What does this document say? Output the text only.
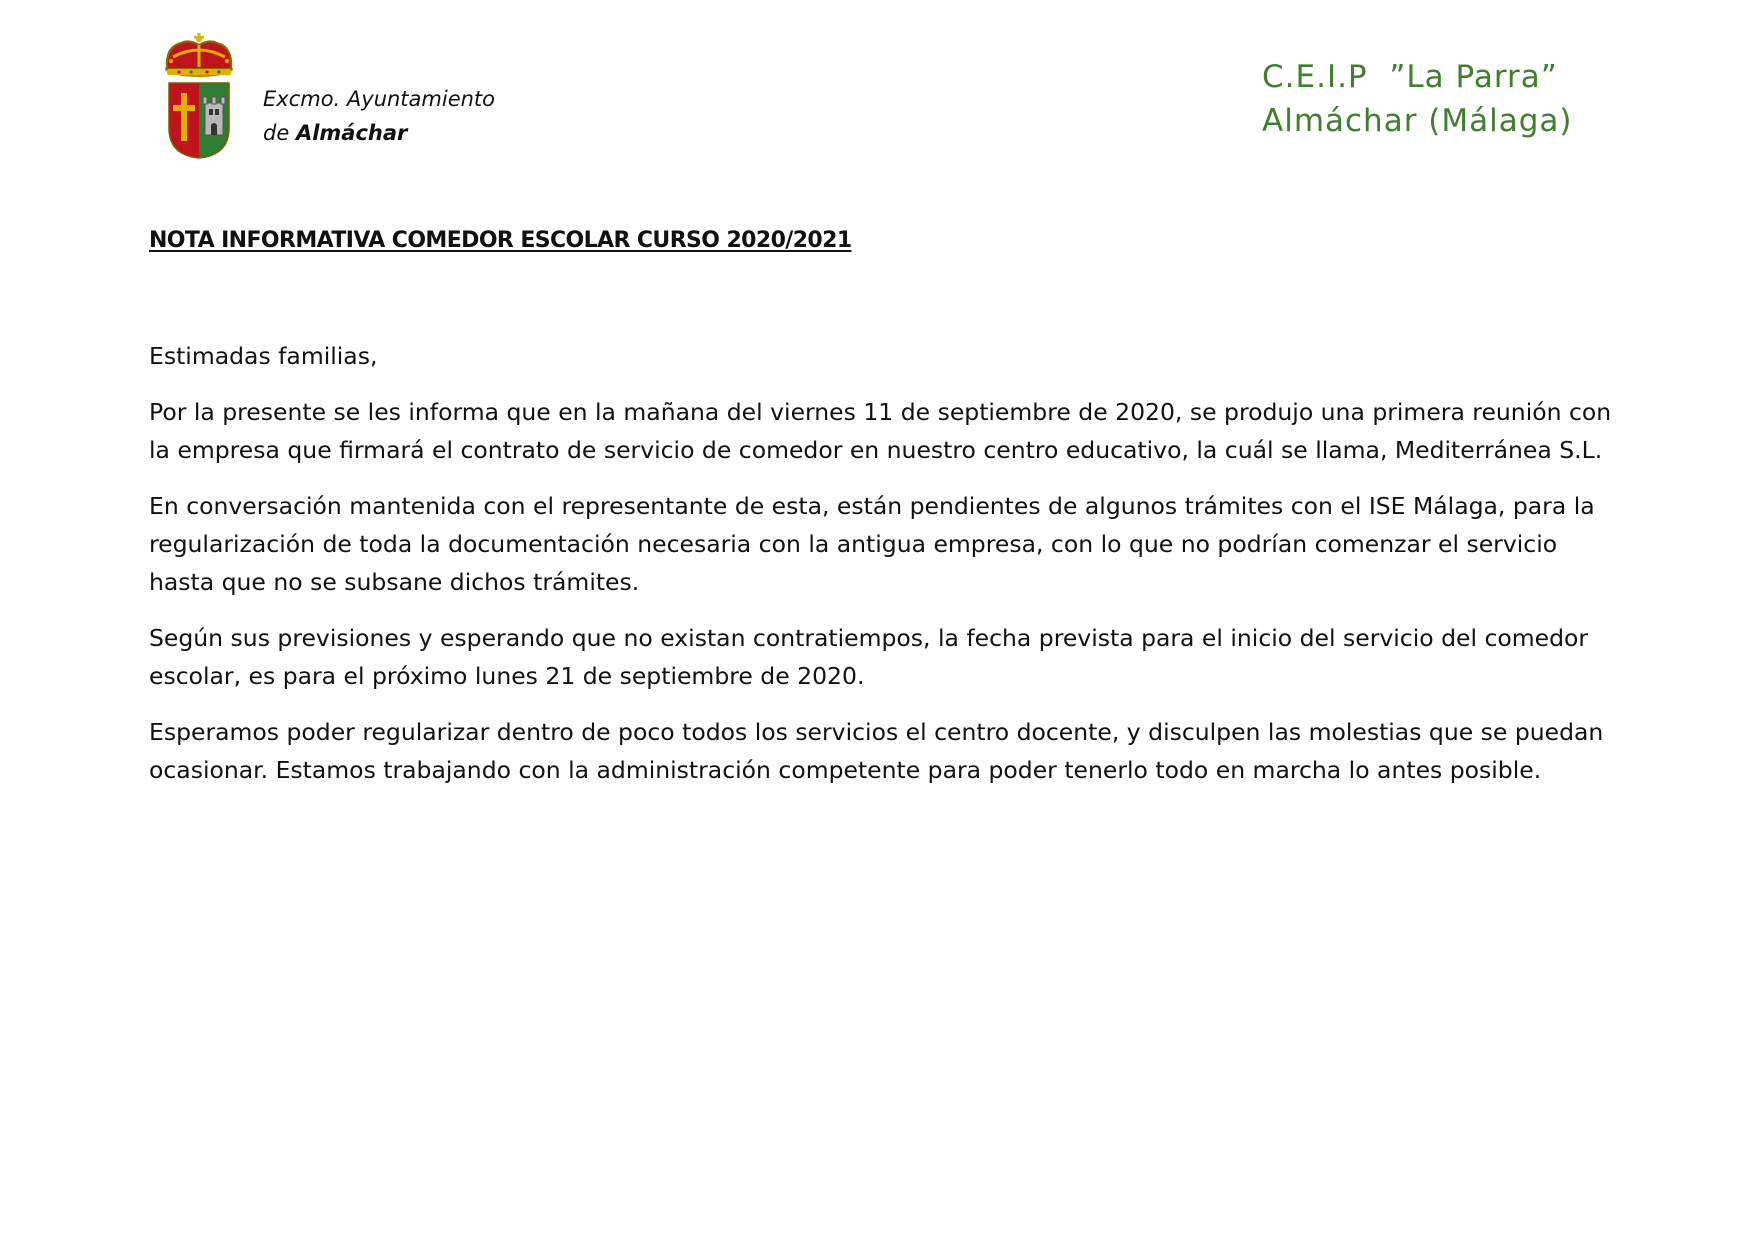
Excmo. Ayuntamiento
de Almáchar
C.E.I.P  ”La Parra”
Almáchar (Málaga)
NOTA INFORMATIVA COMEDOR ESCOLAR CURSO 2020/2021

Estimadas familias,

Por la presente se les informa que en la mañana del viernes 11 de septiembre de 2020, se produjo una primera reunión con la empresa que firmará el contrato de servicio de comedor en nuestro centro educativo, la cuál se llama, Mediterránea S.L.

En conversación mantenida con el representante de esta, están pendientes de algunos trámites con el ISE Málaga, para la regularización de toda la documentación necesaria con la antigua empresa, con lo que no podrían comenzar el servicio hasta que no se subsane dichos trámites.

Según sus previsiones y esperando que no existan contratiempos, la fecha prevista para el inicio del servicio del comedor escolar, es para el próximo lunes 21 de septiembre de 2020.

Esperamos poder regularizar dentro de poco todos los servicios el centro docente, y disculpen las molestias que se puedan ocasionar. Estamos trabajando con la administración competente para poder tenerlo todo en marcha lo antes posible.
